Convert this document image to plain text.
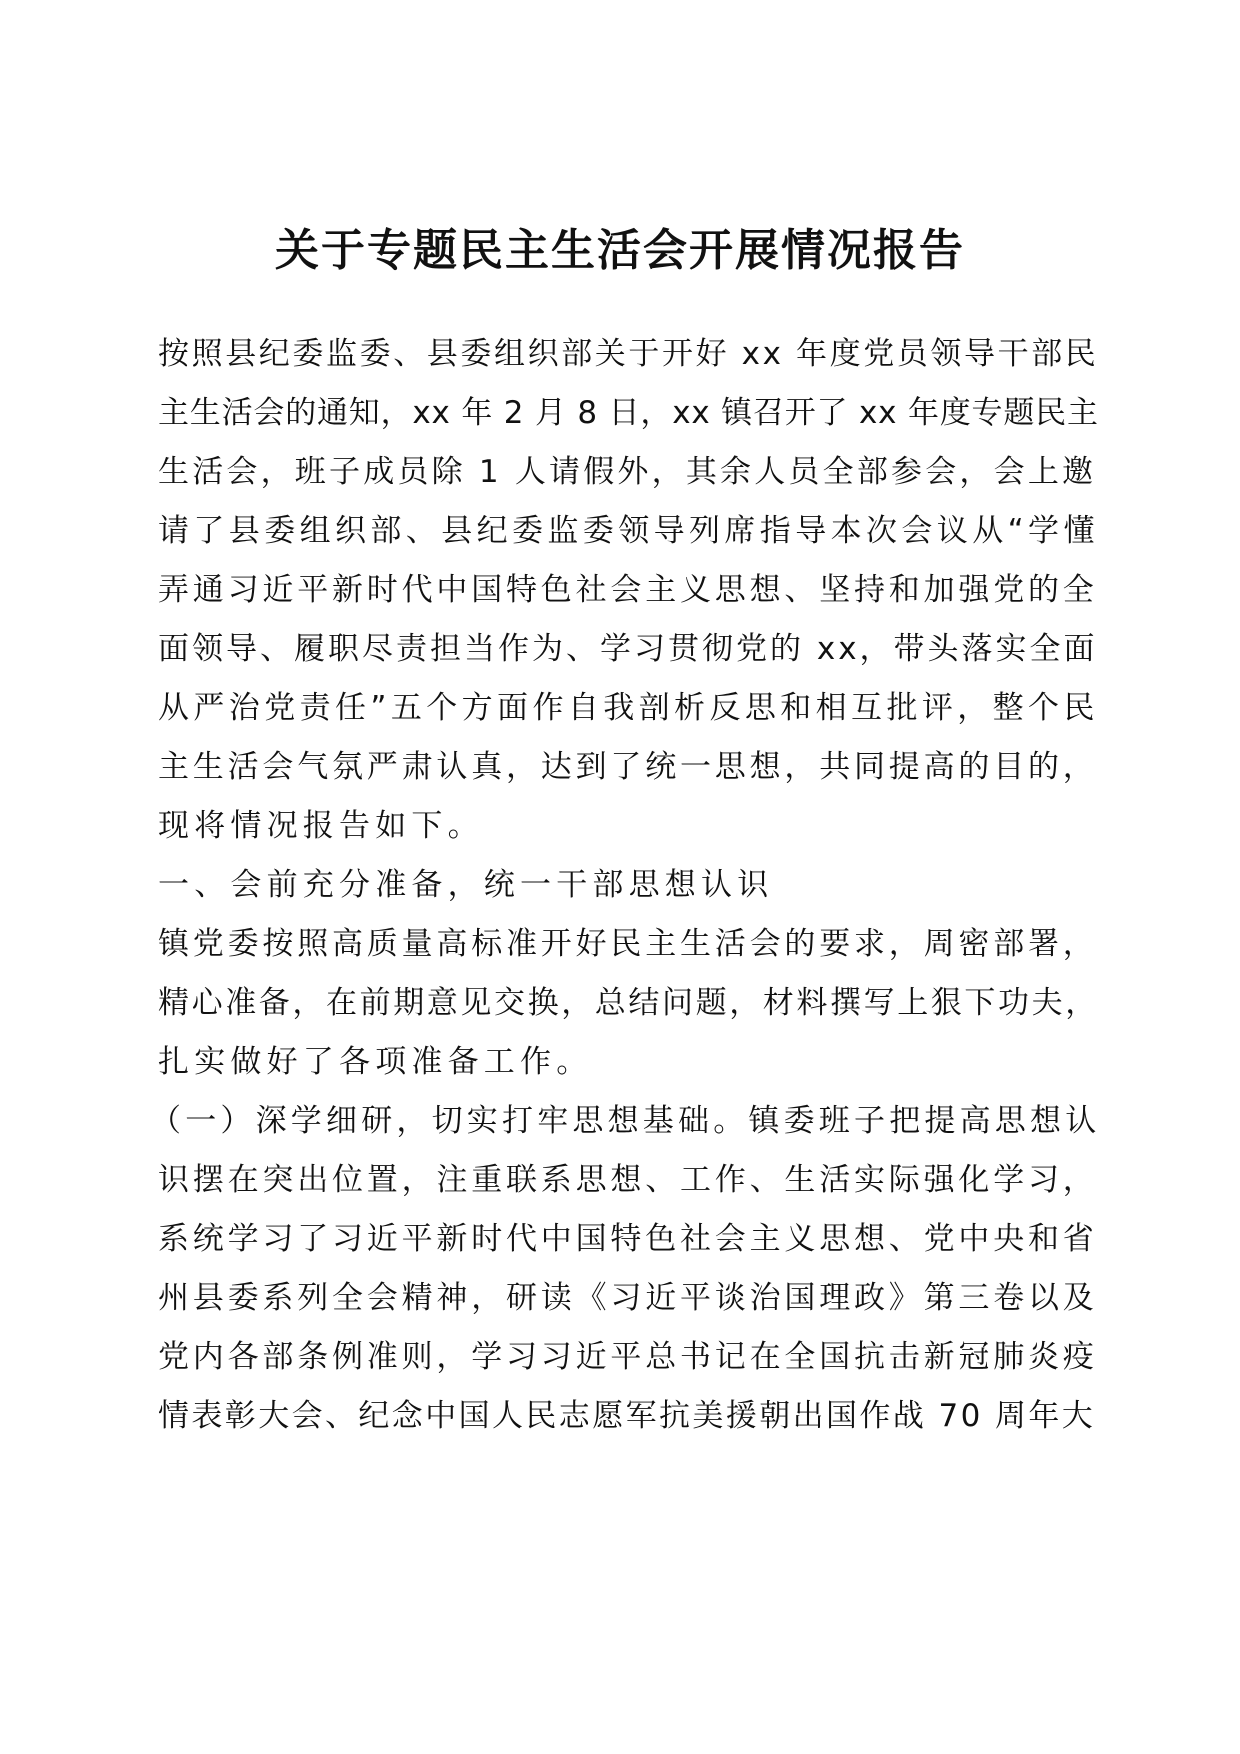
关于专题民主生活会开展情况报告
按照县纪委监委、县委组织部关于开好 xx 年度党员领导干部民
主生活会的通知，xx 年 2 月 8 日，xx 镇召开了 xx 年度专题民主
生活会，班子成员除 1 人请假外，其余人员全部参会，会上邀
请了县委组织部、县纪委监委领导列席指导本次会议从“学懂
弄通习近平新时代中国特色社会主义思想、坚持和加强党的全
面领导、履职尽责担当作为、学习贯彻党的 xx，带头落实全面
从严治党责任”五个方面作自我剖析反思和相互批评，整个民
主生活会气氛严肃认真，达到了统一思想，共同提高的目的，
现将情况报告如下。
一、会前充分准备，统一干部思想认识
镇党委按照高质量高标准开好民主生活会的要求，周密部署，
精心准备，在前期意见交换，总结问题，材料撰写上狠下功夫，
扎实做好了各项准备工作。
（一）深学细研，切实打牢思想基础。镇委班子把提高思想认
识摆在突出位置，注重联系思想、工作、生活实际强化学习，
系统学习了习近平新时代中国特色社会主义思想、党中央和省
州县委系列全会精神，研读《习近平谈治国理政》第三卷以及
党内各部条例准则，学习习近平总书记在全国抗击新冠肺炎疫
情表彰大会、纪念中国人民志愿军抗美援朝出国作战 70 周年大
